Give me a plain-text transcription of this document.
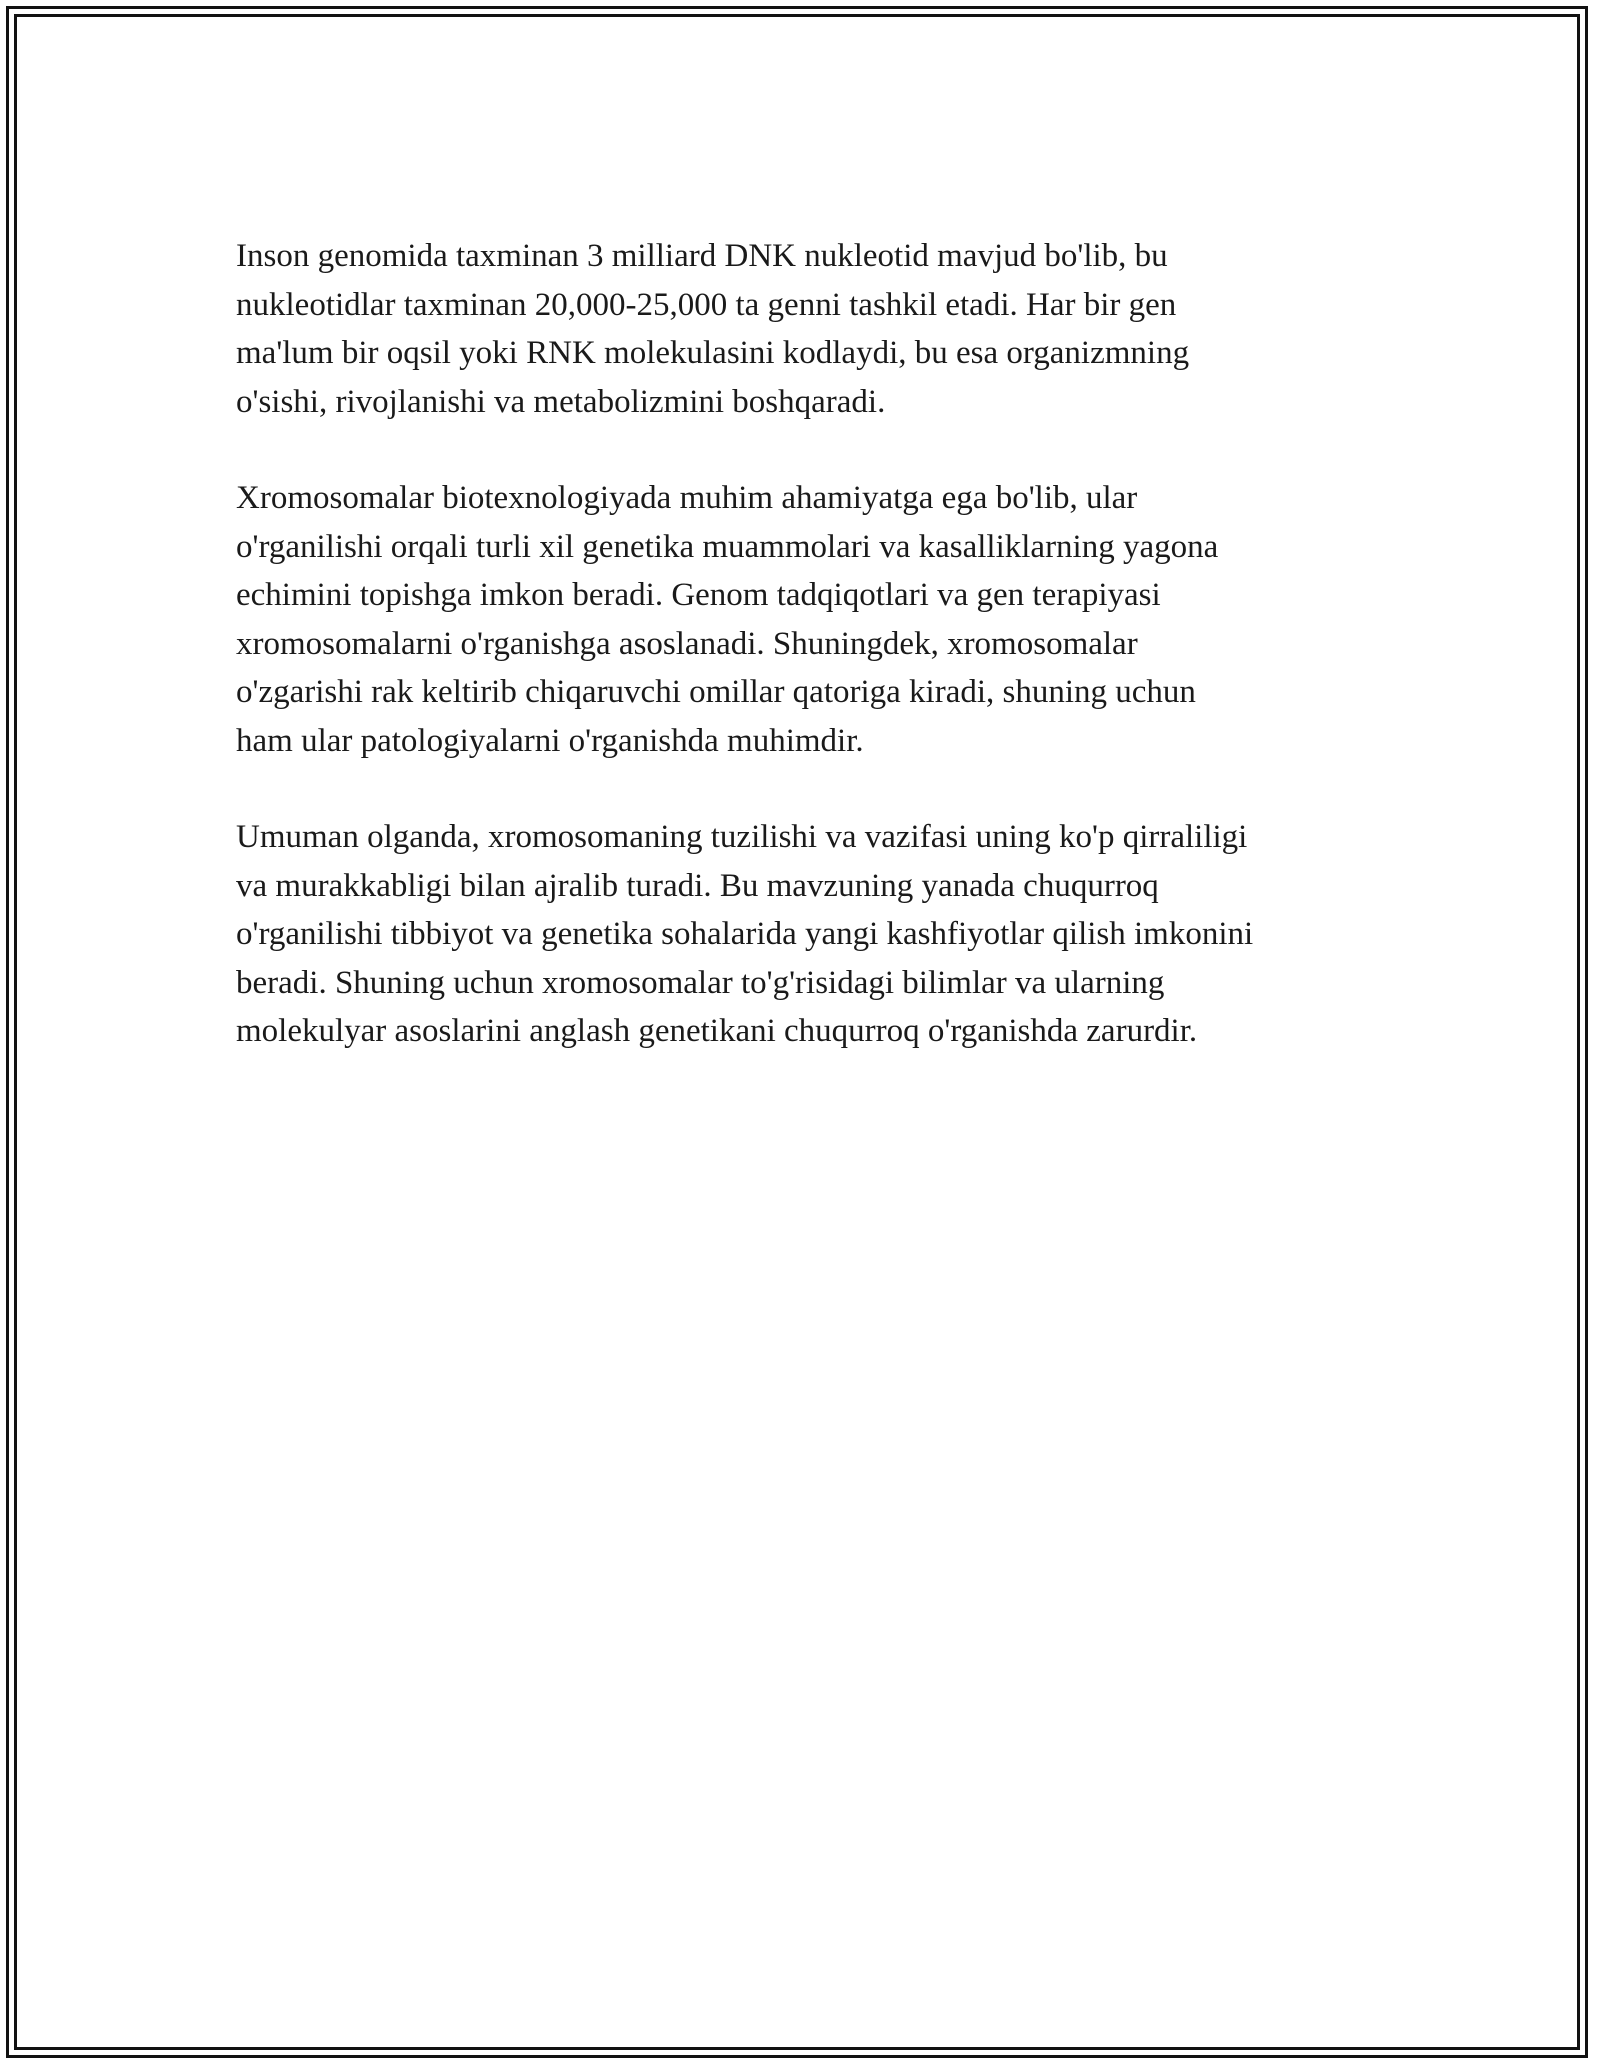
Inson genomida taxminan 3 milliard DNK nukleotid mavjud bo'lib, bu
nukleotidlar taxminan 20,000-25,000 ta genni tashkil etadi. Har bir gen
ma'lum bir oqsil yoki RNK molekulasini kodlaydi, bu esa organizmning
o'sishi, rivojlanishi va metabolizmini boshqaradi.

Xromosomalar biotexnologiyada muhim ahamiyatga ega bo'lib, ular
o'rganilishi orqali turli xil genetika muammolari va kasalliklarning yagona
echimini topishga imkon beradi. Genom tadqiqotlari va gen terapiyasi
xromosomalarni o'rganishga asoslanadi. Shuningdek, xromosomalar
o'zgarishi rak keltirib chiqaruvchi omillar qatoriga kiradi, shuning uchun
ham ular patologiyalarni o'rganishda muhimdir.

Umuman olganda, xromosomaning tuzilishi va vazifasi uning ko'p qirraliligi
va murakkabligi bilan ajralib turadi. Bu mavzuning yanada chuqurroq
o'rganilishi tibbiyot va genetika sohalarida yangi kashfiyotlar qilish imkonini
beradi. Shuning uchun xromosomalar to'g'risidagi bilimlar va ularning
molekulyar asoslarini anglash genetikani chuqurroq o'rganishda zarurdir.
